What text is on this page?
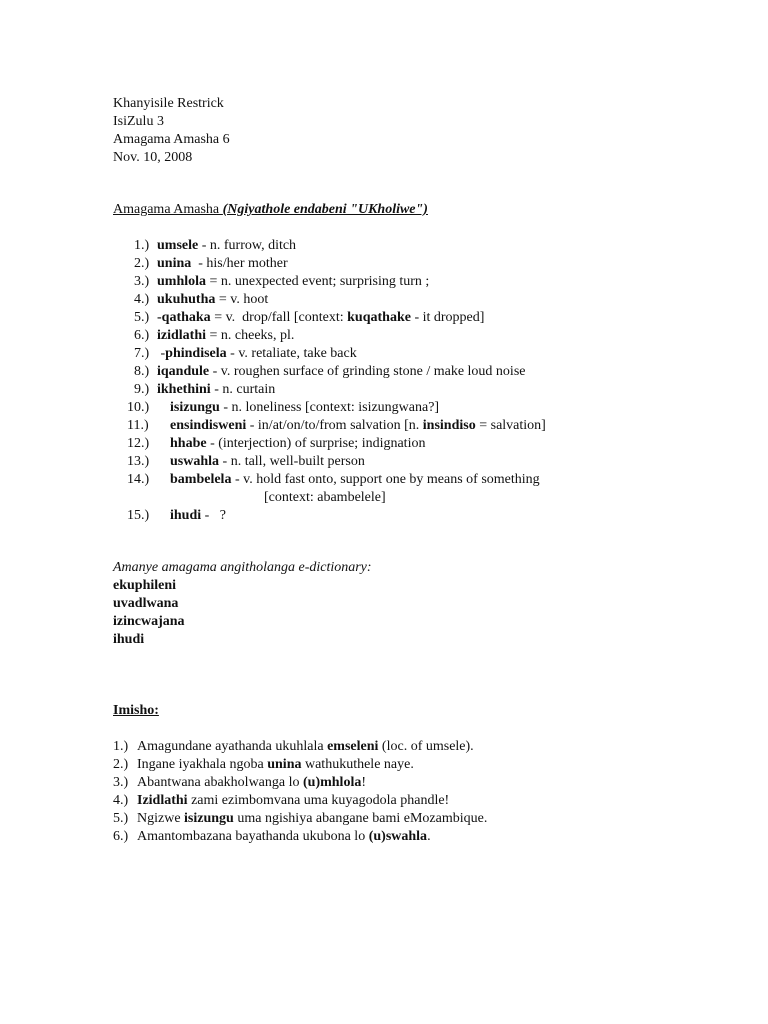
Khanyisile Restrick
IsiZulu 3
Amagama Amasha 6
Nov. 10, 2008
Amagama Amasha (Ngiyathole endabeni "UKholiwe")
1.) umsele - n. furrow, ditch
2.) unina  - his/her mother
3.) umhlola = n. unexpected event; surprising turn ;
4.) ukuhutha = v. hoot
5.) -qathaka = v.  drop/fall [context: kuqathake - it dropped]
6.) izidlathi = n. cheeks, pl.
7.) -phindisela - v. retaliate, take back
8.) iqandule - v. roughen surface of grinding stone / make loud noise
9.) ikhethini - n. curtain
10.) isizungu - n. loneliness [context: isizungwana?]
11.) ensindisweni - in/at/on/to/from salvation [n. insindiso = salvation]
12.) hhabe - (interjection) of surprise; indignation
13.) uswahla - n. tall, well-built person
14.) bambelela - v. hold fast onto, support one by means of something
[context: abambelele]
15.) ihudi -   ?
Amanye amagama angitholanga e-dictionary:
ekuphileni
uvadlwana
izincwajana
ihudi
Imisho:
1.) Amagundane ayathanda ukuhlala emseleni (loc. of umsele).
2.) Ingane iyakhala ngoba unina wathukuthele naye.
3.) Abantwana abakholwanga lo (u)mhlola!
4.) Izidlathi zami ezimbomvana uma kuyagodola phandle!
5.) Ngizwe isizungu uma ngishiya abangane bami eMozambique.
6.) Amantombazana bayathanda ukubona lo (u)swahla.
